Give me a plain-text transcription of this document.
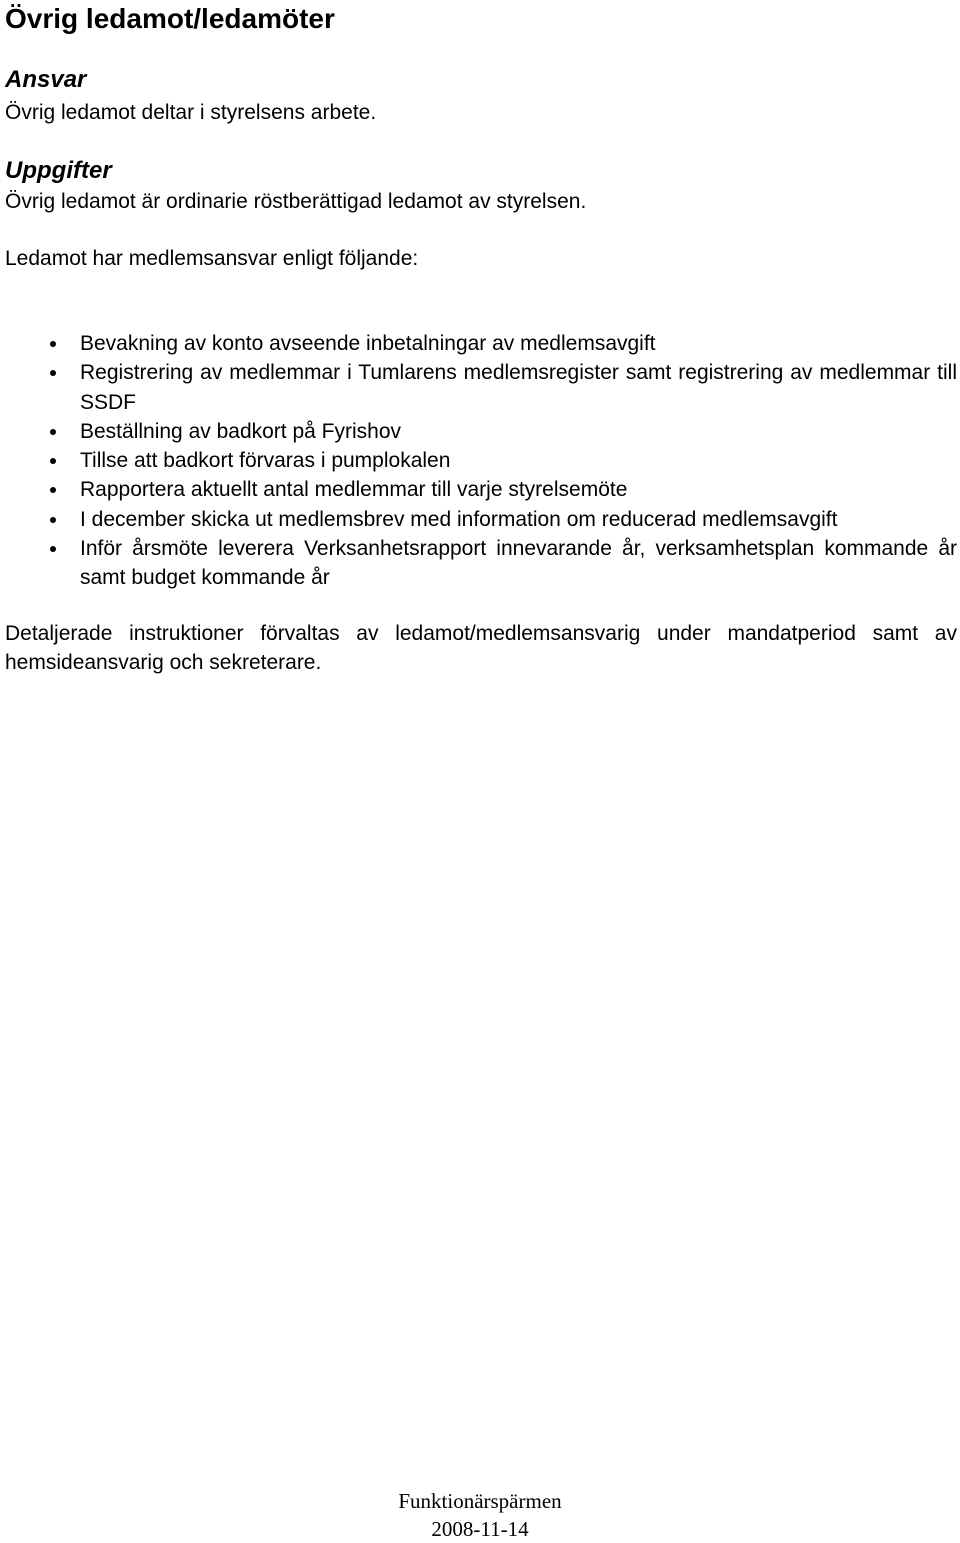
Övrig ledamot/ledamöter
Ansvar

Övrig ledamot deltar i styrelsens arbete.

Uppgifter

Övrig ledamot är ordinarie röstberättigad ledamot av styrelsen.

Ledamot har medlemsansvar enligt följande:

Bevakning av konto avseende inbetalningar av medlemsavgift
Registrering av medlemmar i Tumlarens medlemsregister samt registrering av medlemmar till SSDF
Beställning av badkort på Fyrishov
Tillse att badkort förvaras i pumplokalen
Rapportera aktuellt antal medlemmar till varje styrelsemöte
I december skicka ut medlemsbrev med information om reducerad medlemsavgift
Inför årsmöte leverera Verksanhetsrapport innevarande år, verksamhetsplan kommande år samt budget kommande år

Detaljerade instruktioner förvaltas av ledamot/medlemsansvarig under mandatperiod samt av hemsideansvarig och sekreterare.

Funktionärspärmen
2008-11-14
